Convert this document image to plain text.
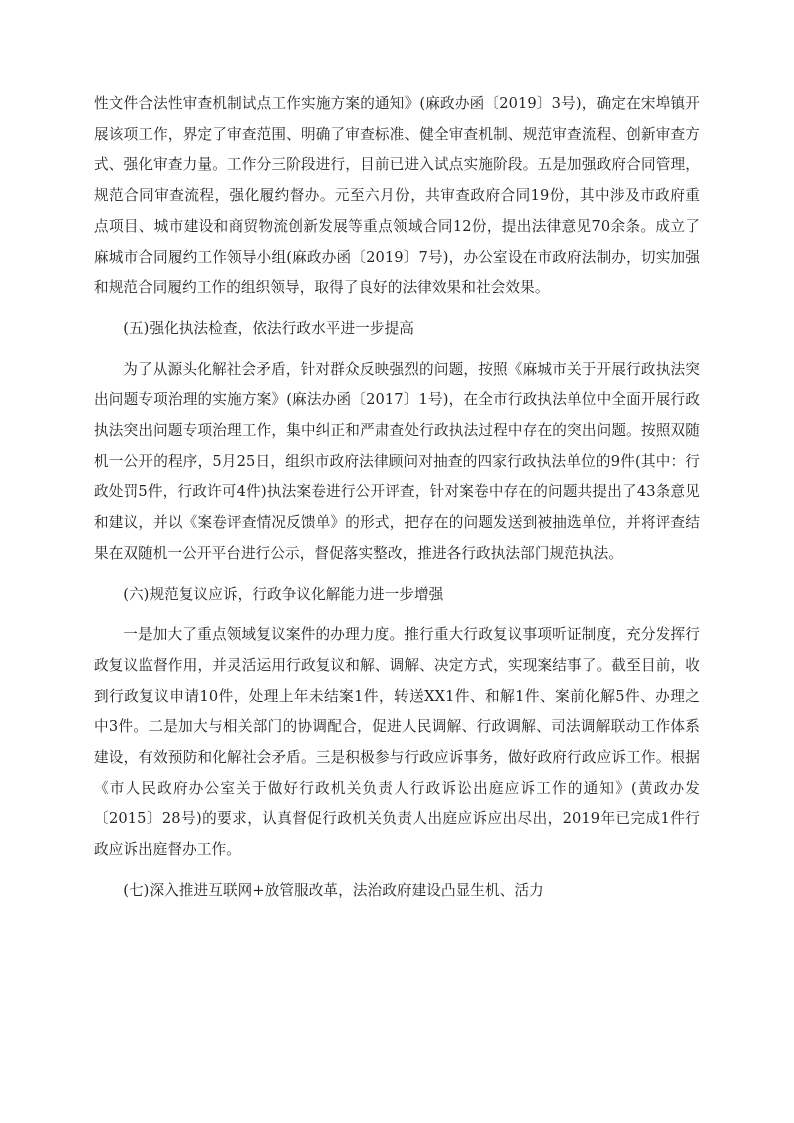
性文件合法性审查机制试点工作实施方案的通知》(麻政办函〔2019〕3号)，确定在宋埠镇开展该项工作，界定了审查范围、明确了审查标准、健全审查机制、规范审查流程、创新审查方式、强化审查力量。工作分三阶段进行，目前已进入试点实施阶段。五是加强政府合同管理，规范合同审查流程，强化履约督办。元至六月份，共审查政府合同19份，其中涉及市政府重点项目、城市建设和商贸物流创新发展等重点领域合同12份，提出法律意见70余条。成立了麻城市合同履约工作领导小组(麻政办函〔2019〕7号)，办公室设在市政府法制办，切实加强和规范合同履约工作的组织领导，取得了良好的法律效果和社会效果。

(五)强化执法检查，依法行政水平进一步提高

为了从源头化解社会矛盾，针对群众反映强烈的问题，按照《麻城市关于开展行政执法突出问题专项治理的实施方案》(麻法办函〔2017〕1号)，在全市行政执法单位中全面开展行政执法突出问题专项治理工作，集中纠正和严肃查处行政执法过程中存在的突出问题。按照双随机一公开的程序，5月25日，组织市政府法律顾问对抽查的四家行政执法单位的9件(其中：行政处罚5件，行政许可4件)执法案卷进行公开评查，针对案卷中存在的问题共提出了43条意见和建议，并以《案卷评查情况反馈单》的形式，把存在的问题发送到被抽选单位，并将评查结果在双随机一公开平台进行公示，督促落实整改，推进各行政执法部门规范执法。

(六)规范复议应诉，行政争议化解能力进一步增强

一是加大了重点领域复议案件的办理力度。推行重大行政复议事项听证制度，充分发挥行政复议监督作用，并灵活运用行政复议和解、调解、决定方式，实现案结事了。截至目前，收到行政复议申请10件，处理上年未结案1件，转送XX1件、和解1件、案前化解5件、办理之中3件。二是加大与相关部门的协调配合，促进人民调解、行政调解、司法调解联动工作体系建设，有效预防和化解社会矛盾。三是积极参与行政应诉事务，做好政府行政应诉工作。根据《市人民政府办公室关于做好行政机关负责人行政诉讼出庭应诉工作的通知》(黄政办发〔2015〕28号)的要求，认真督促行政机关负责人出庭应诉应出尽出，2019年已完成1件行政应诉出庭督办工作。

(七)深入推进互联网+放管服改革，法治政府建设凸显生机、活力
